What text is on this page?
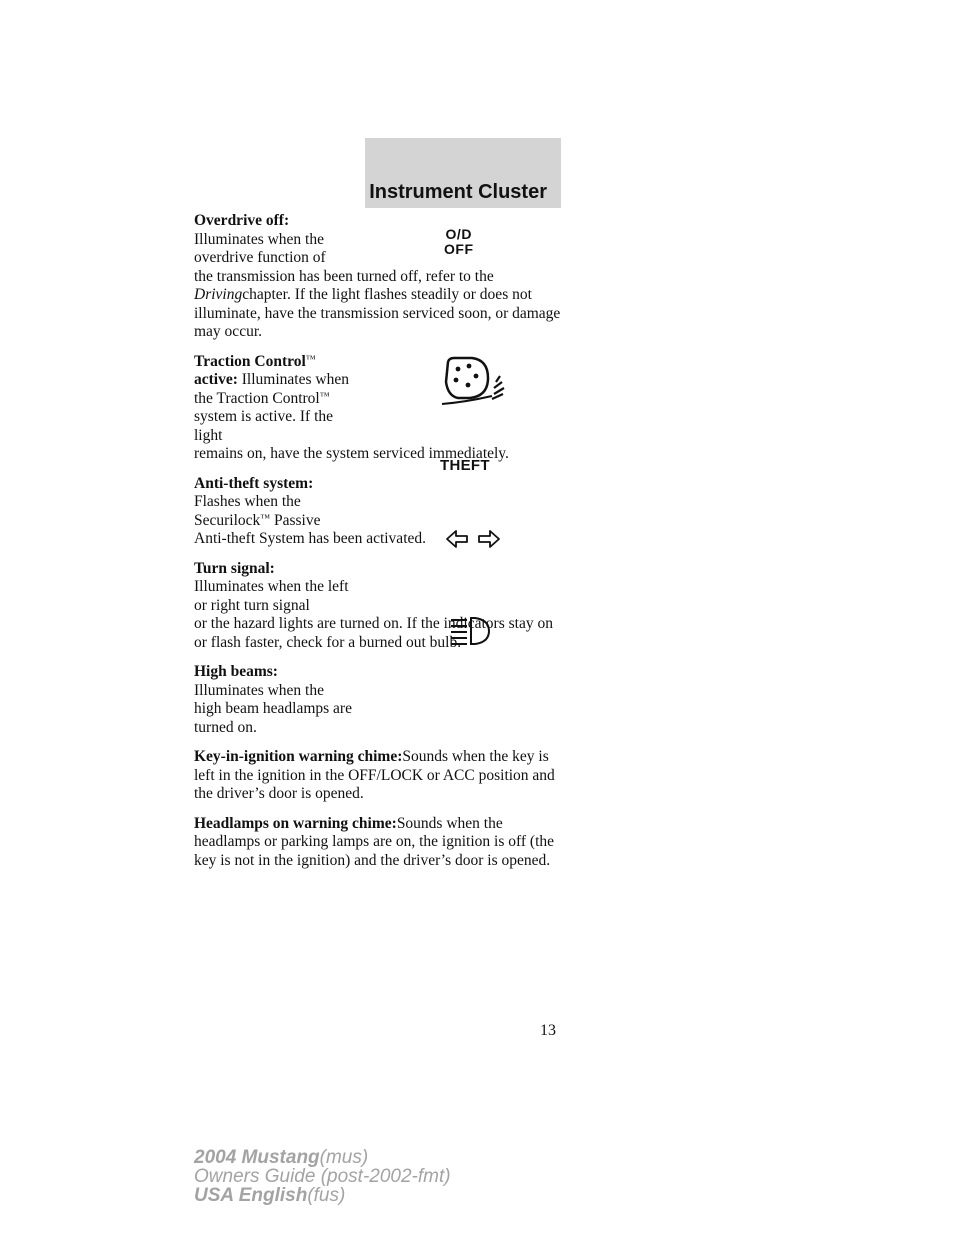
Instrument Cluster
O/D
OFF
THEFT
Overdrive off:
Illuminates when the overdrive function of
the transmission has been turned off, refer to the Drivingchapter. If the light flashes steadily or does not illuminate, have the transmission serviced soon, or damage may occur.
Traction Control™
active: Illuminates when the Traction Control™ system is active. If the light
remains on, have the system serviced immediately.
Anti-theft system:
Flashes when the Securilock™ Passive
Anti-theft System has been activated.
Turn signal:
Illuminates when the left or right turn signal
or the hazard lights are turned on. If the indicators stay on or flash faster, check for a burned out bulb.
High beams:
Illuminates when the high beam headlamps are turned on.
Key-in-ignition warning chime:Sounds when the key is left in the ignition in the OFF/LOCK or ACC position and the driver’s door is opened.
Headlamps on warning chime:Sounds when the headlamps or parking lamps are on, the ignition is off (the key is not in the ignition) and the driver’s door is opened.
13
2004 Mustang(mus)
Owners Guide (post-2002-fmt)
USA English(fus)
